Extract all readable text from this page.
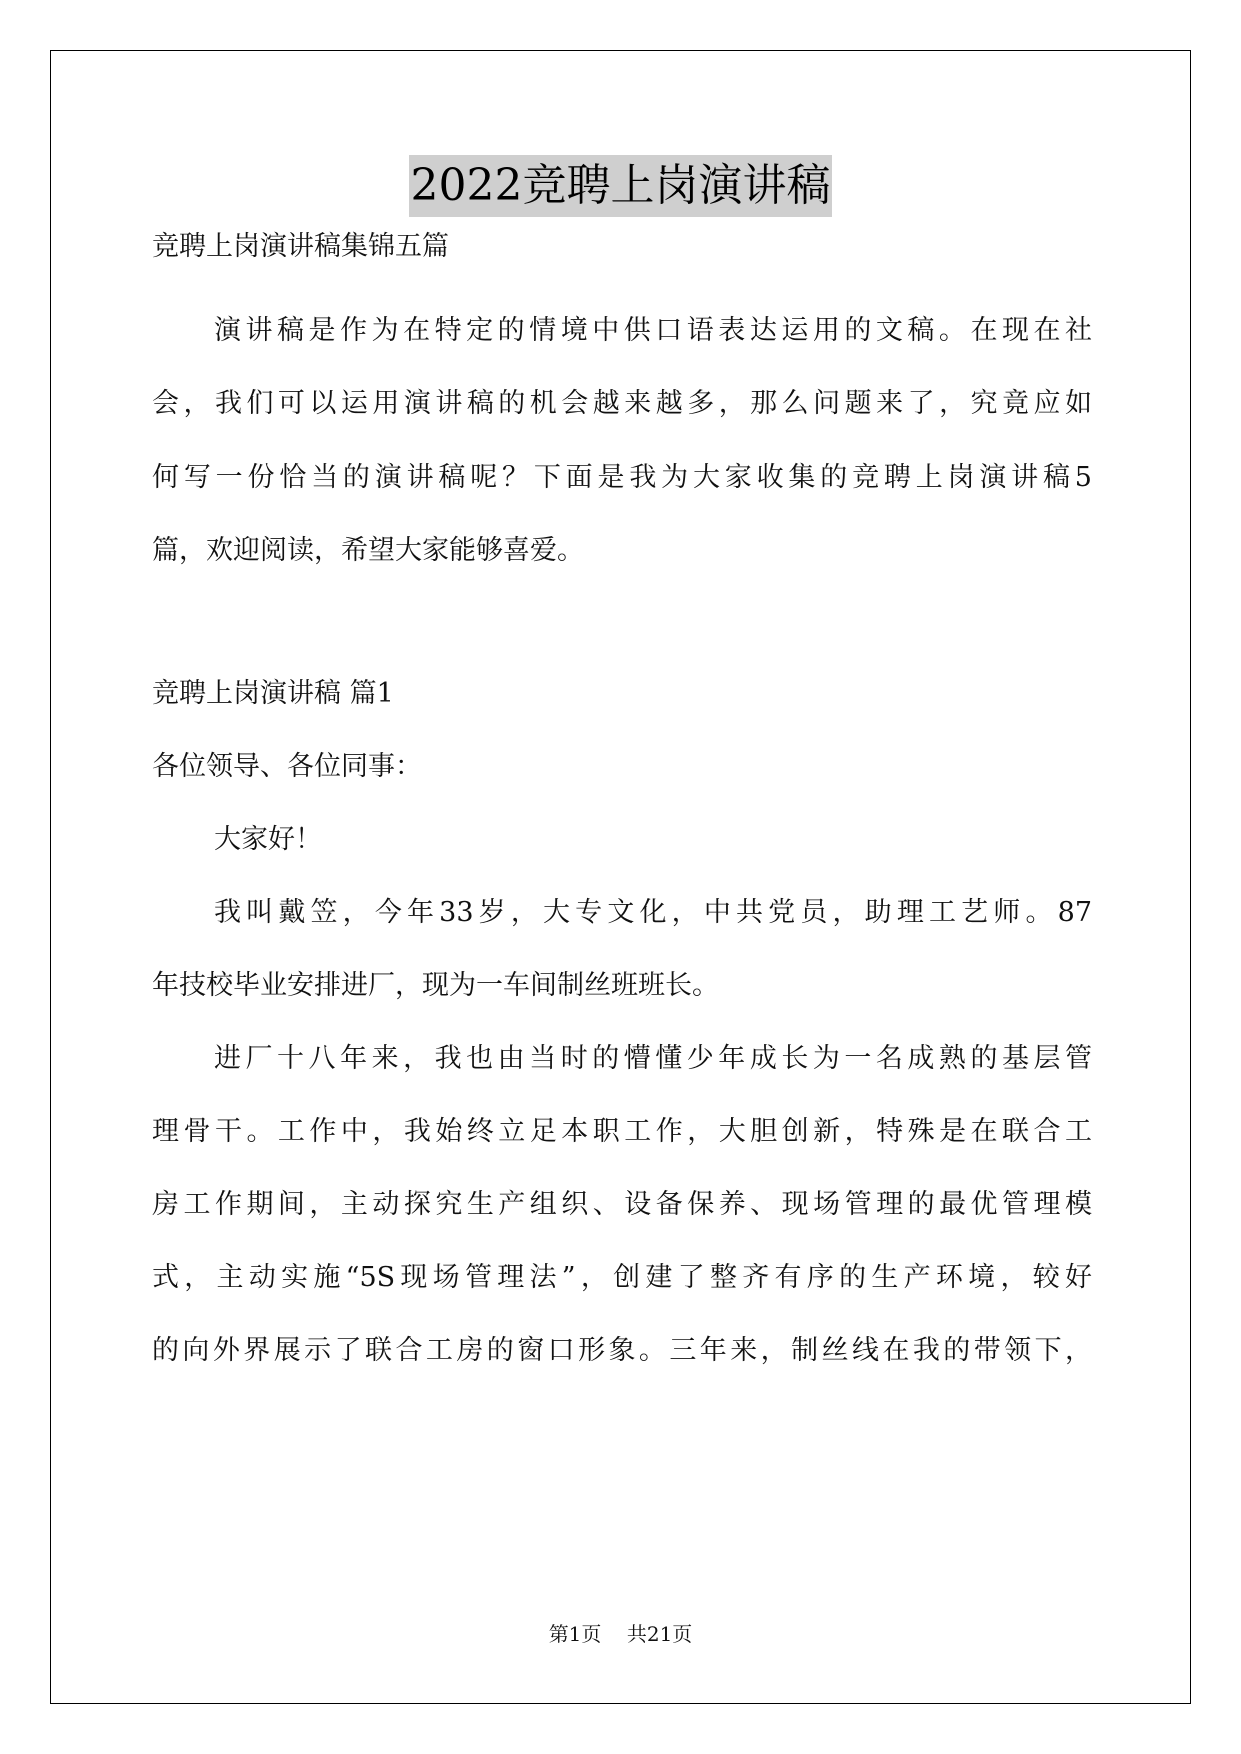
2022竞聘上岗演讲稿
竞聘上岗演讲稿集锦五篇
演讲稿是作为在特定的情境中供口语表达运用的文稿。在现在社
会，我们可以运用演讲稿的机会越来越多，那么问题来了，究竟应如
何写一份恰当的演讲稿呢？下面是我为大家收集的竞聘上岗演讲稿5
篇，欢迎阅读，希望大家能够喜爱。
竞聘上岗演讲稿 篇1
各位领导、各位同事：
大家好！
我叫戴笠，今年33岁，大专文化，中共党员，助理工艺师。87
年技校毕业安排进厂，现为一车间制丝班班长。
进厂十八年来，我也由当时的懵懂少年成长为一名成熟的基层管
理骨干。工作中，我始终立足本职工作，大胆创新，特殊是在联合工
房工作期间，主动探究生产组织、设备保养、现场管理的最优管理模
式，主动实施“5S现场管理法”，创建了整齐有序的生产环境，较好
的向外界展示了联合工房的窗口形象。三年来，制丝线在我的带领下，
第1页 共21页
